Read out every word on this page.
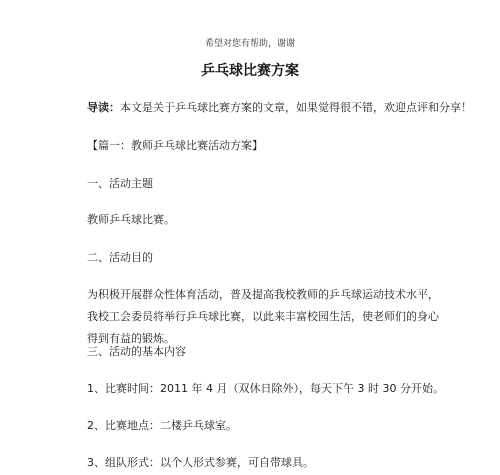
希望对您有帮助，谢谢
乒乓球比赛方案
导读：本文是关于乒乓球比赛方案的文章，如果觉得很不错，欢迎点评和分享！
【篇一：教师乒乓球比赛活动方案】
一、活动主题
教师乒乓球比赛。
二、活动目的
为积极开展群众性体育活动，普及提高我校教师的乒乓球运动技术水平，我校工会委员将举行乒乓球比赛，以此来丰富校园生活，使老师们的身心得到有益的锻炼。
三、活动的基本内容
1、比赛时间：2011 年 4 月（双休日除外），每天下午 3 时 30 分开始。
2、比赛地点：二楼乒乓球室。
3、组队形式：以个人形式参赛，可自带球具。
